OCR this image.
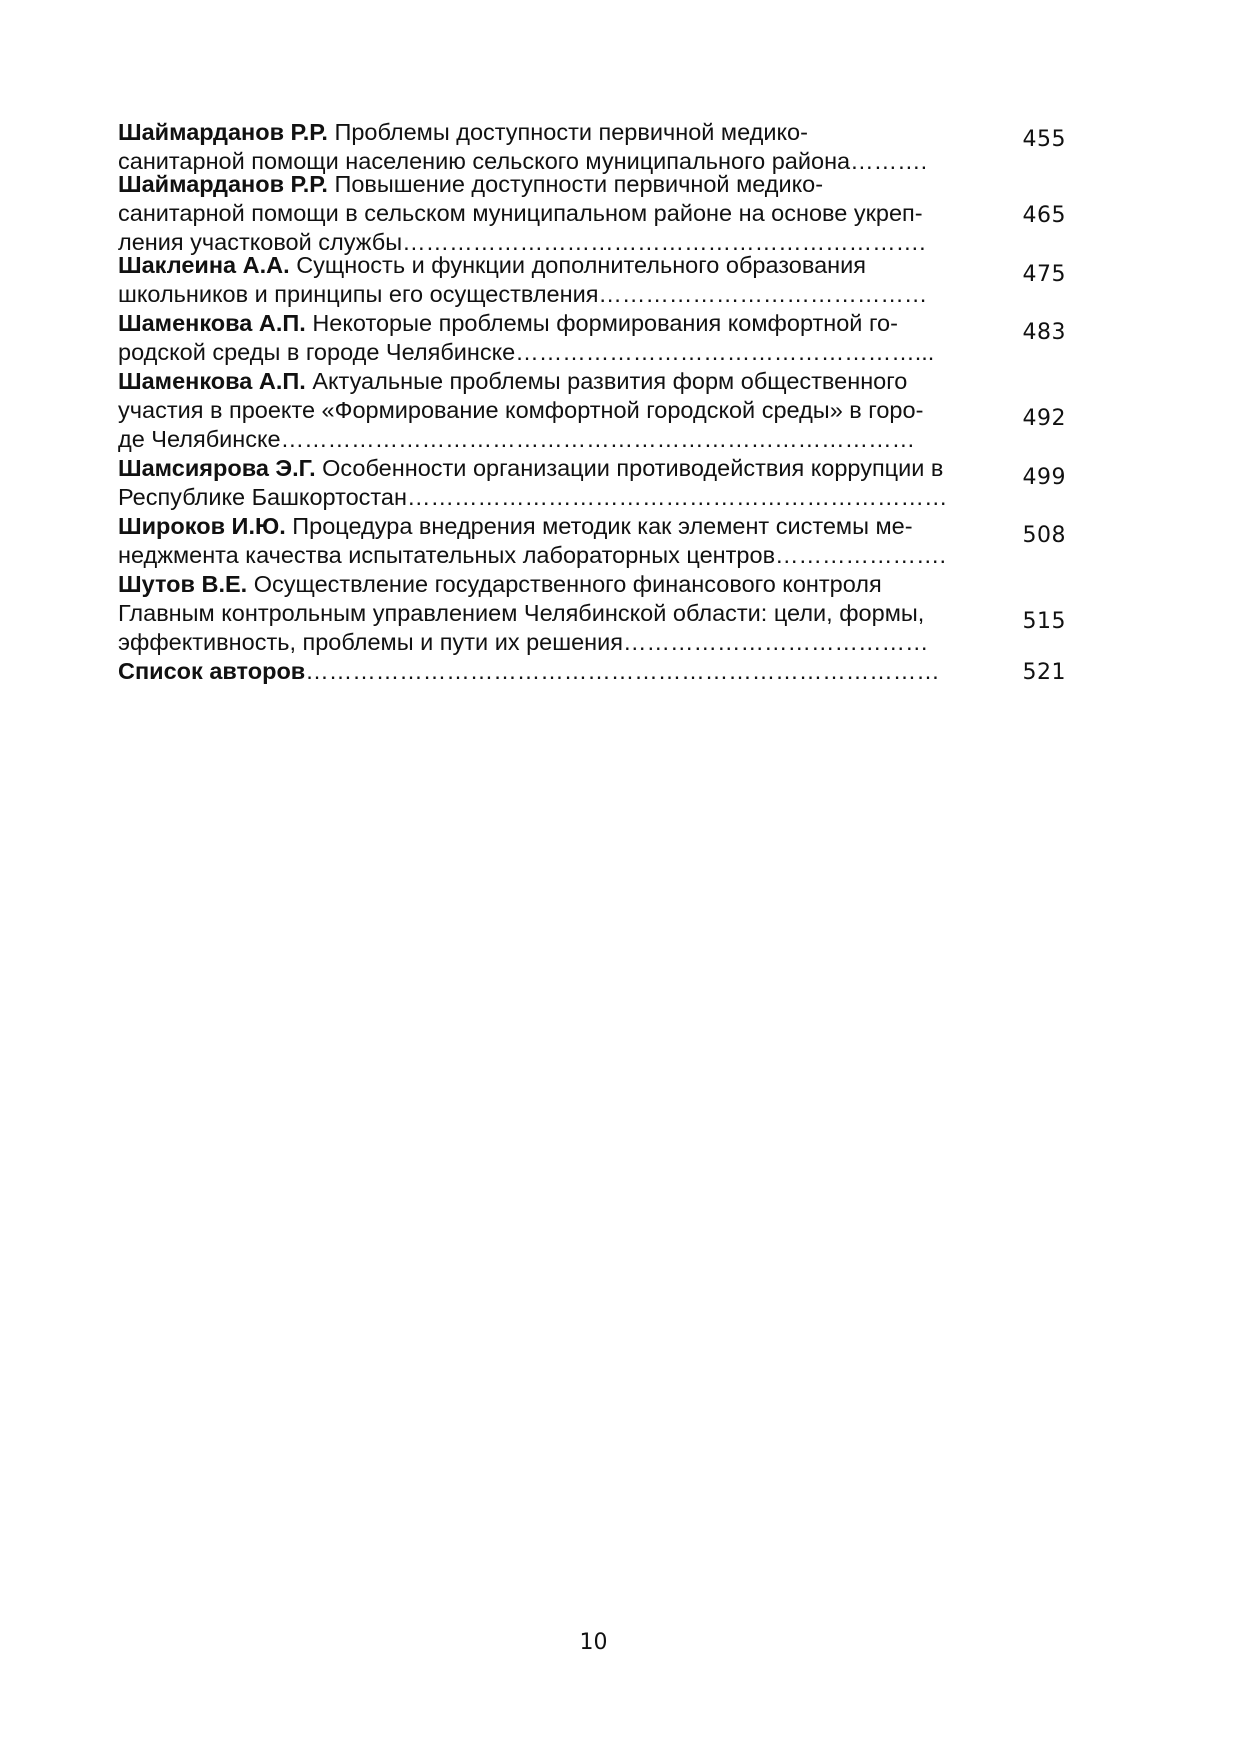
Шаймарданов Р.Р. Проблемы доступности первичной медико-
санитарной помощи населению сельского муниципального района……….

455

Шаймарданов Р.Р. Повышение доступности первичной медико-
санитарной помощи в сельском муниципальном районе на основе укреп-
ления участковой службы………………………………………………………….

465

Шаклеина А.А. Сущность и функции дополнительного образования
школьников и принципы его осуществления……………………………………

475

Шаменкова А.П. Некоторые проблемы формирования комфортной го-
родской среды в городе Челябинске……………………………………………...

483

Шаменкова А.П. Актуальные проблемы развития форм общественного
участия в проекте «Формирование комфортной городской среды» в горо-
де Челябинске………………………………………………………………………

492

Шамсиярова Э.Г. Особенности организации противодействия коррупции в
Республике Башкортостан……………………………………………………………

499

Широков И.Ю. Процедура внедрения методик как элемент системы ме-
неджмента качества испытательных лабораторных центров………………….

508

Шутов В.Е. Осуществление государственного финансового контроля
Главным контрольным управлением Челябинской области: цели, формы,
эффективность, проблемы и пути их решения…………………………………

515

Список авторов………………………………………………………………………	521
10
